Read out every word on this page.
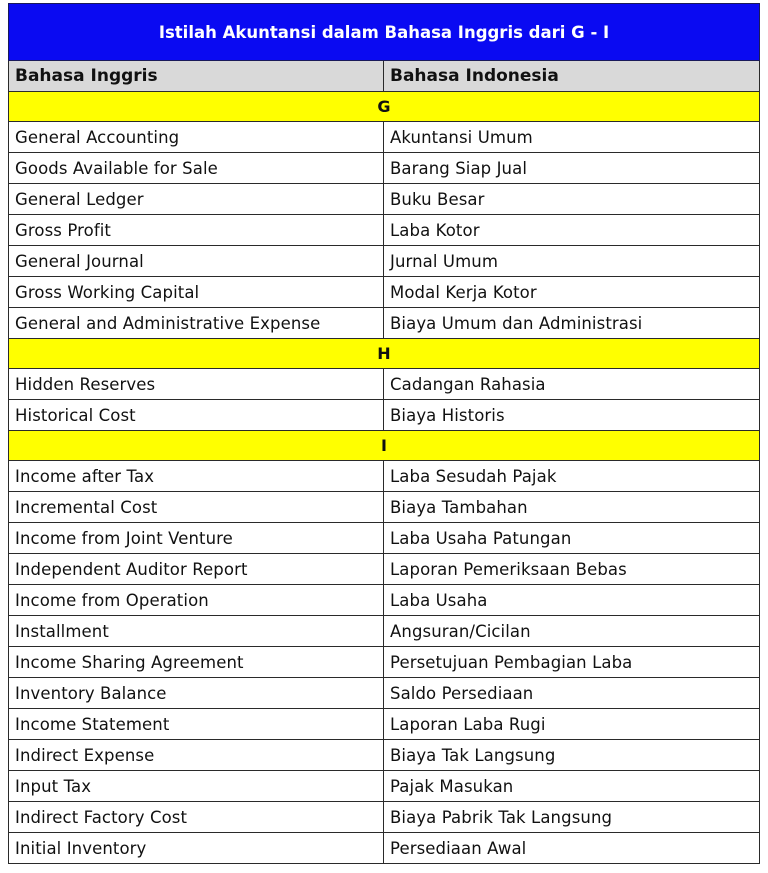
Istilah Akuntansi dalam Bahasa Inggris dari G - I	
Bahasa Inggris	Bahasa Indonesia
G	
General Accounting	Akuntansi Umum
Goods Available for Sale	Barang Siap Jual
General Ledger	Buku Besar
Gross Profit	Laba Kotor
General Journal	Jurnal Umum
Gross Working Capital	Modal Kerja Kotor
General and Administrative Expense	Biaya Umum dan Administrasi
H	
Hidden Reserves	Cadangan Rahasia
Historical Cost	Biaya Historis
I	
Income after Tax	Laba Sesudah Pajak
Incremental Cost	Biaya Tambahan
Income from Joint Venture	Laba Usaha Patungan
Independent Auditor Report	Laporan Pemeriksaan Bebas
Income from Operation	Laba Usaha
Installment	Angsuran/Cicilan
Income Sharing Agreement	Persetujuan Pembagian Laba
Inventory Balance	Saldo Persediaan
Income Statement	Laporan Laba Rugi
Indirect Expense	Biaya Tak Langsung
Input Tax	Pajak Masukan
Indirect Factory Cost	Biaya Pabrik Tak Langsung
Initial Inventory	Persediaan Awal
